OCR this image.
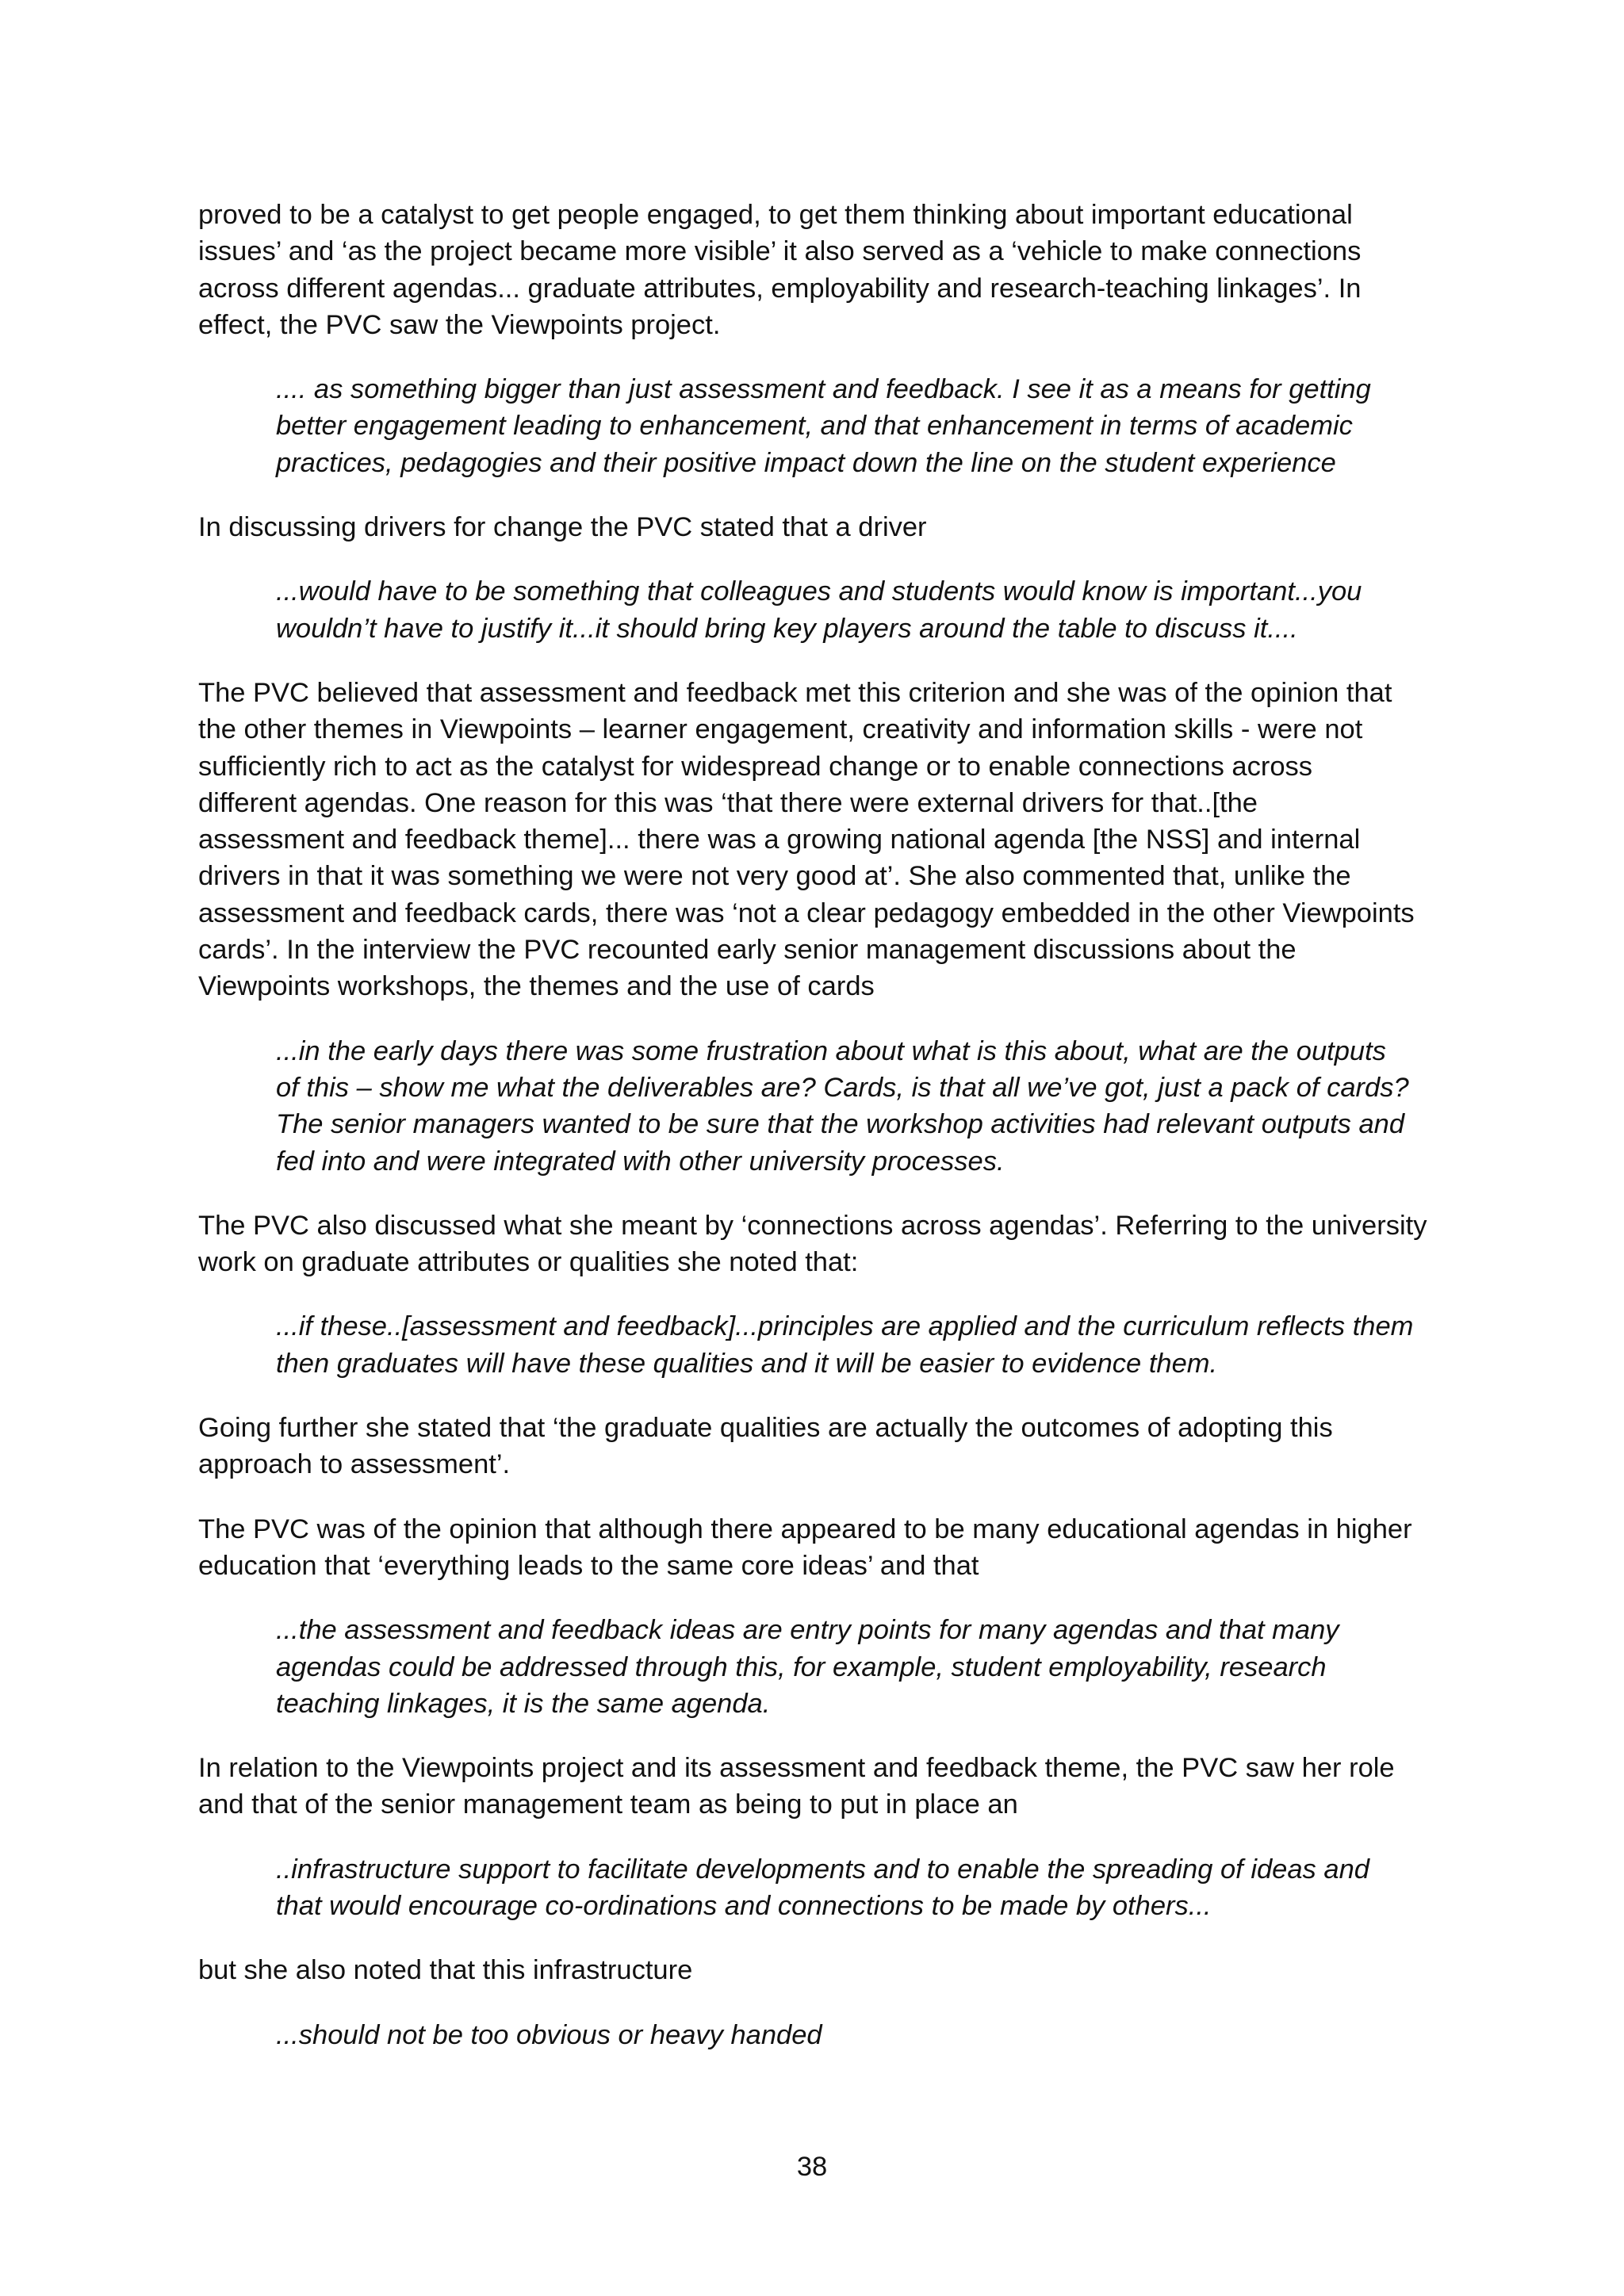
proved to be a catalyst to get people engaged, to get them thinking about important educational
issues’ and ‘as the project became more visible’ it also served as a ‘vehicle to make connections
across different agendas... graduate attributes, employability and research-teaching linkages’. In
effect, the PVC saw the Viewpoints project.

.... as something bigger than just assessment and feedback. I see it as a means for getting
better engagement leading to enhancement, and that enhancement in terms of academic
practices, pedagogies and their positive impact down the line on the student experience

In discussing drivers for change the PVC stated that a driver

...would have to be something that colleagues and students would know is important...you
wouldn’t have to justify it...it should bring key players around the table to discuss it....

The PVC believed that assessment and feedback met this criterion and she was of the opinion that
the other themes in Viewpoints – learner engagement, creativity and information skills - were not
sufficiently rich to act as the catalyst for widespread change or to enable connections across
different agendas. One reason for this was ‘that there were external drivers for that..[the
assessment and feedback theme]... there was a growing national agenda [the NSS] and internal
drivers in that it was something we were not very good at’. She also commented that, unlike the
assessment and feedback cards, there was ‘not a clear pedagogy embedded in the other Viewpoints
cards’. In the interview the PVC recounted early senior management discussions about the
Viewpoints workshops, the themes and the use of cards

...in the early days there was some frustration about what is this about, what are the outputs
of this – show me what the deliverables are? Cards, is that all we’ve got, just a pack of cards?
The senior managers wanted to be sure that the workshop activities had relevant outputs and
fed into and were integrated with other university processes.

The PVC also discussed what she meant by ‘connections across agendas’. Referring to the university
work on graduate attributes or qualities she noted that:

...if these..[assessment and feedback]...principles are applied and the curriculum reflects them
then graduates will have these qualities and it will be easier to evidence them.

Going further she stated that ‘the graduate qualities are actually the outcomes of adopting this
approach to assessment’.

The PVC was of the opinion that although there appeared to be many educational agendas in higher
education that ‘everything leads to the same core ideas’ and that

...the assessment and feedback ideas are entry points for many agendas and that many
agendas could be addressed through this, for example, student employability, research
teaching linkages, it is the same agenda.

In relation to the Viewpoints project and its assessment and feedback theme, the PVC saw her role
and that of the senior management team as being to put in place an

..infrastructure support to facilitate developments and to enable the spreading of ideas and
that would encourage co-ordinations and connections to be made by others...

but she also noted that this infrastructure

...should not be too obvious or heavy handed

38
